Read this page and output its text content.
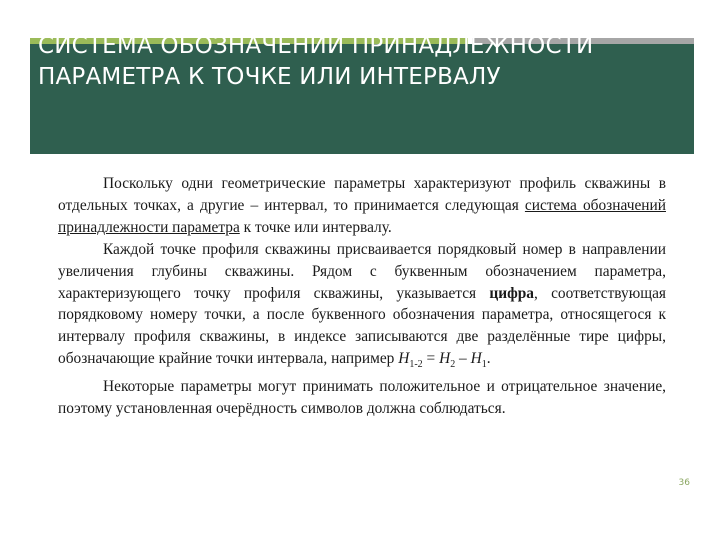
СИСТЕМА ОБОЗНАЧЕНИЙ ПРИНАДЛЕЖНОСТИ ПАРАМЕТРА К ТОЧКЕ ИЛИ ИНТЕРВАЛУ

Поскольку одни геометрические параметры характеризуют профиль скважины в отдельных точках, а другие – интервал, то принимается следующая система обозначений принадлежности параметра к точке или интервалу.

Каждой точке профиля скважины присваивается порядковый номер в направлении увеличения глубины скважины. Рядом с буквенным обозначением параметра, характеризующего точку профиля скважины, указывается цифра, соответствующая порядковому номеру точки, а после буквенного обозначения параметра, относящегося к интервалу профиля скважины, в индексе записываются две разделённые тире цифры, обозначающие крайние точки интервала, например $H_{1-2} = H_2 - H_1$.

Некоторые параметры могут принимать положительное и отрицательное значение, поэтому установленная очерёдность символов должна соблюдаться.

36
